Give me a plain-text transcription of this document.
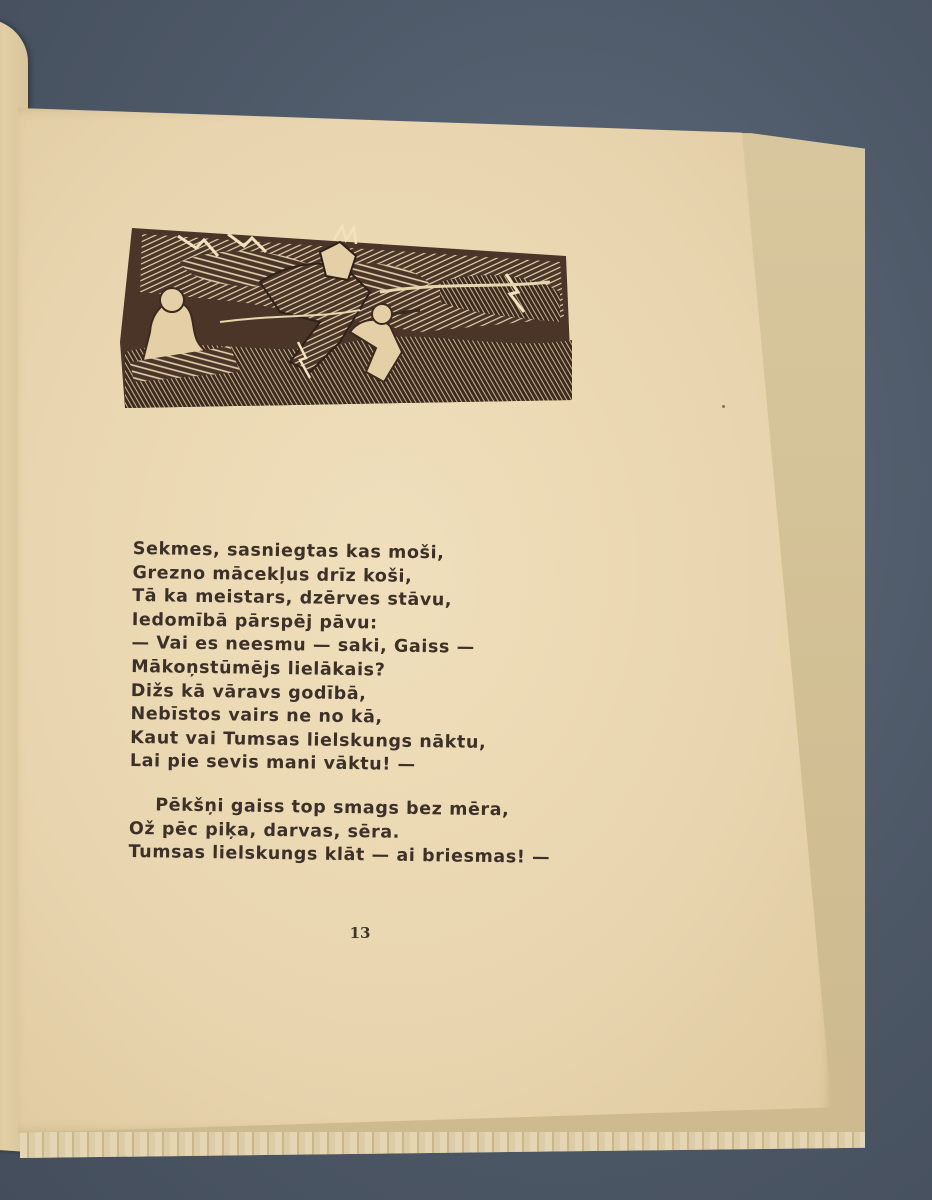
Sekmes, sasniegtas kas moši,
Grezno mācekļus drīz koši,
Tā ka meistars, dzērves stāvu,
Iedomībā pārspēj pāvu:
— Vai es neesmu — saki, Gaiss —
Mākoņstūmējs lielākais?
Dižs kā vāravs godībā,
Nebīstos vairs ne no kā,
Kaut vai Tumsas lielskungs nāktu,
Lai pie sevis mani vāktu! —
Pēkšņi gaiss top smags bez mēra,
Ož pēc piķa, darvas, sēra.
Tumsas lielskungs klāt — ai briesmas! —
13
